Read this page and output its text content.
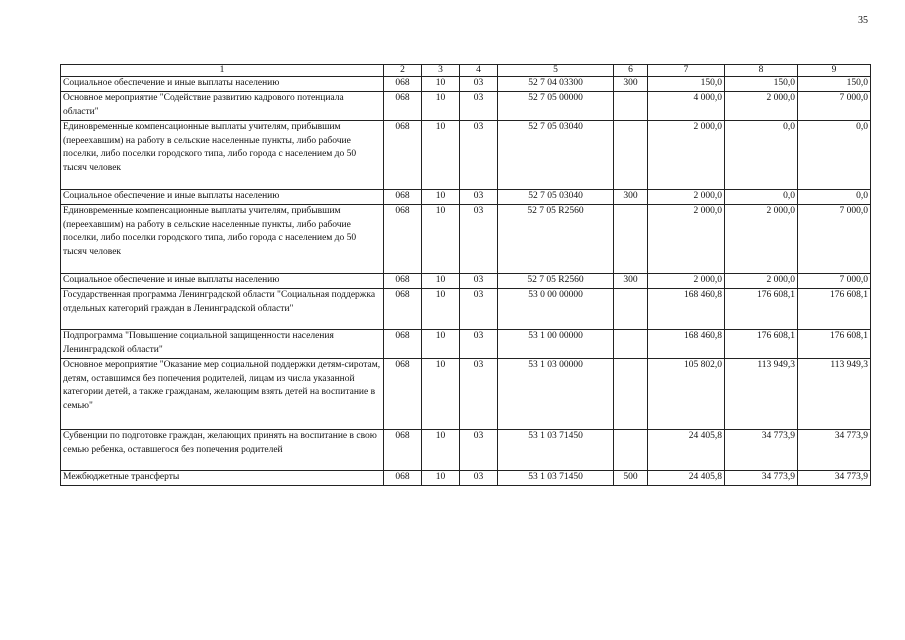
35
1	2	3	4	5	6	7	8	9
Социальное обеспечение и иные выплаты населению	068	10	03	52 7 04 03300	300	150,0	150,0	150,0
Основное мероприятие "Содействие развитию кадрового потенциала области"	068	10	03	52 7 05 00000		4 000,0	2 000,0	7 000,0
Единовременные компенсационные выплаты учителям, прибывшим (переехавшим) на работу в сельские населенные пункты, либо рабочие поселки, либо поселки городского типа, либо города с населением до 50 тысяч человек	068	10	03	52 7 05 03040		2 000,0	0,0	0,0
Социальное обеспечение и иные выплаты населению	068	10	03	52 7 05 03040	300	2 000,0	0,0	0,0
Единовременные компенсационные выплаты учителям, прибывшим (переехавшим) на работу в сельские населенные пункты, либо рабочие поселки, либо поселки городского типа, либо города с населением до 50 тысяч человек	068	10	03	52 7 05 R2560		2 000,0	2 000,0	7 000,0
Социальное обеспечение и иные выплаты населению	068	10	03	52 7 05 R2560	300	2 000,0	2 000,0	7 000,0
Государственная программа Ленинградской области "Социальная поддержка отдельных категорий граждан в Ленинградской области"	068	10	03	53 0 00 00000		168 460,8	176 608,1	176 608,1
Подпрограмма "Повышение социальной защищенности населения Ленинградской области"	068	10	03	53 1 00 00000		168 460,8	176 608,1	176 608,1
Основное мероприятие "Оказание мер социальной поддержки детям-сиротам, детям, оставшимся без попечения родителей, лицам из числа указанной категории детей, а также гражданам, желающим взять детей на воспитание в семью"	068	10	03	53 1 03 00000		105 802,0	113 949,3	113 949,3
Субвенции по подготовке граждан, желающих принять на воспитание в свою семью ребенка, оставшегося без попечения родителей	068	10	03	53 1 03 71450		24 405,8	34 773,9	34 773,9
Межбюджетные трансферты	068	10	03	53 1 03 71450	500	24 405,8	34 773,9	34 773,9
